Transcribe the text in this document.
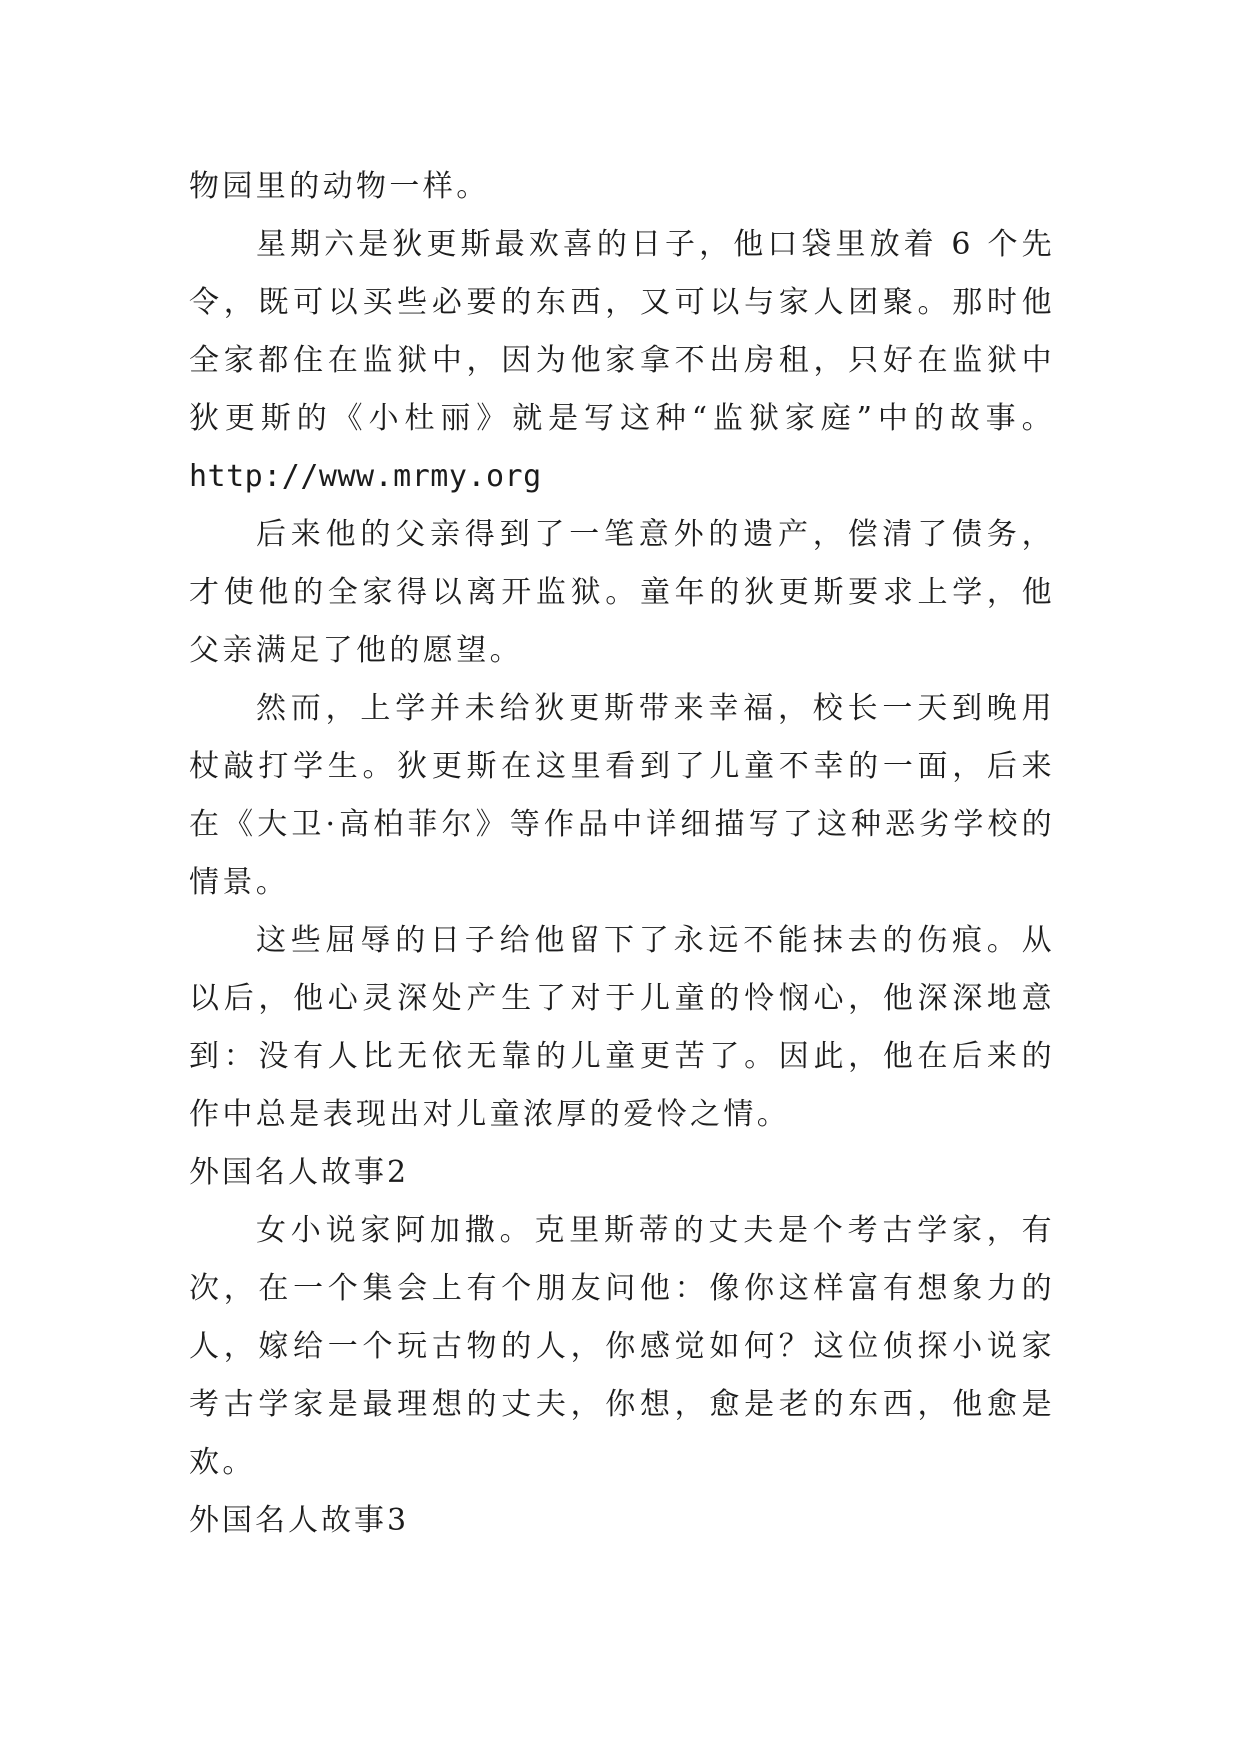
物园里的动物一样。
星期六是狄更斯最欢喜的日子，他口袋里放着 6 个先
令，既可以买些必要的东西，又可以与家人团聚。那时他
全家都住在监狱中，因为他家拿不出房租，只好在监狱中
狄更斯的《小杜丽》就是写这种“监狱家庭”中的故事。
http://www.mrmy.org
后来他的父亲得到了一笔意外的遗产，偿清了债务，
才使他的全家得以离开监狱。童年的狄更斯要求上学，他
父亲满足了他的愿望。
然而，上学并未给狄更斯带来幸福，校长一天到晚用
杖敲打学生。狄更斯在这里看到了儿童不幸的一面，后来
在《大卫·高柏菲尔》等作品中详细描写了这种恶劣学校的
情景。
这些屈辱的日子给他留下了永远不能抹去的伤痕。从
以后，他心灵深处产生了对于儿童的怜悯心，他深深地意
到：没有人比无依无靠的儿童更苦了。因此，他在后来的
作中总是表现出对儿童浓厚的爱怜之情。
外国名人故事2
女小说家阿加撒。克里斯蒂的丈夫是个考古学家，有
次，在一个集会上有个朋友问他：像你这样富有想象力的
人，嫁给一个玩古物的人，你感觉如何？这位侦探小说家
考古学家是最理想的丈夫，你想，愈是老的东西，他愈是
欢。
外国名人故事3
